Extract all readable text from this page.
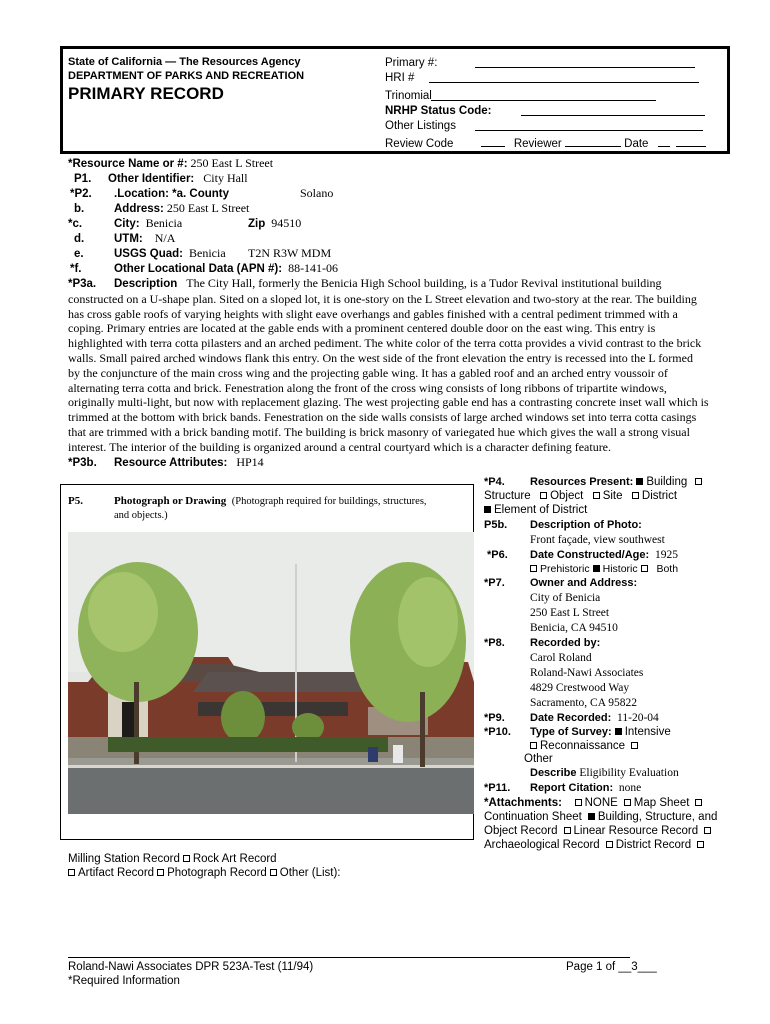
State of California — The Resources Agency
DEPARTMENT OF PARKS AND RECREATION
PRIMARY RECORD
Primary #:
HRI #
Trinomial
NRHP Status Code:
Other Listings
Review Code	Reviewer	Date
*Resource Name or #: 250 East L Street
P1. Other Identifier: City Hall
*P2. .Location: *a. County	Solano
b.	Address: 250 East L Street
*c.	City: Benicia	Zip 94510
d.	UTM: N/A
e.	USGS Quad: Benicia T2N R3W MDM
*f.	Other Locational Data (APN #): 88-141-06
*P3a. Description The City Hall, formerly the Benicia High School building, is a Tudor Revival institutional building
constructed on a U-shape plan. Sited on a sloped lot, it is one-story on the L Street elevation and two-story at the rear. The building
has cross gable roofs of varying heights with slight eave overhangs and gables finished with a central pediment trimmed with a
coping. Primary entries are located at the gable ends with a prominent centered double door on the east wing. This entry is
highlighted with terra cotta pilasters and an arched pediment. The white color of the terra cotta provides a vivid contrast to the brick
walls. Small paired arched windows flank this entry. On the west side of the front elevation the entry is recessed into the L formed
by the conjuncture of the main cross wing and the projecting gable wing. It has a gabled roof and an arched entry voussoir of
alternating terra cotta and brick. Fenestration along the front of the cross wing consists of long ribbons of tripartite windows,
originally multi-light, but now with replacement glazing. The west projecting gable end has a contrasting concrete inset wall which is
trimmed at the bottom with brick bands. Fenestration on the side walls consists of large arched windows set into terra cotta casings
that are trimmed with a brick banding motif. The building is brick masonry of variegated hue which gives the wall a strong visual
interest. The interior of the building is organized around a central courtyard which is a character defining feature.
*P3b. Resource Attributes: HP14
P5.	Photograph or Drawing (Photograph required for buildings, structures,
and objects.)
*P4. Resources Present: Building
Structure Object Site District
Element of District
P5b. Description of Photo:
Front façade, view southwest
*P6. Date Constructed/Age: 1925
Prehistoric Historic Both
*P7. Owner and Address:
City of Benicia
250 East L Street
Benicia, CA 94510
*P8. Recorded by:
Carol Roland
Roland-Nawi Associates
4829 Crestwood Way
Sacramento, CA 95822
*P9. Date Recorded: 11-20-04
*P10. Type of Survey: Intensive
Reconnaissance
Other
Describe Eligibility Evaluation
*P11. Report Citation: none
*Attachments: NONE Map Sheet
Continuation Sheet Building, Structure, and
Object Record Linear Resource Record
Archaeological Record District Record
Milling Station Record Rock Art Record
Artifact Record Photograph Record Other (List):
Roland-Nawi Associates DPR 523A-Test (11/94)
*Required Information
Page 1 of __3___
